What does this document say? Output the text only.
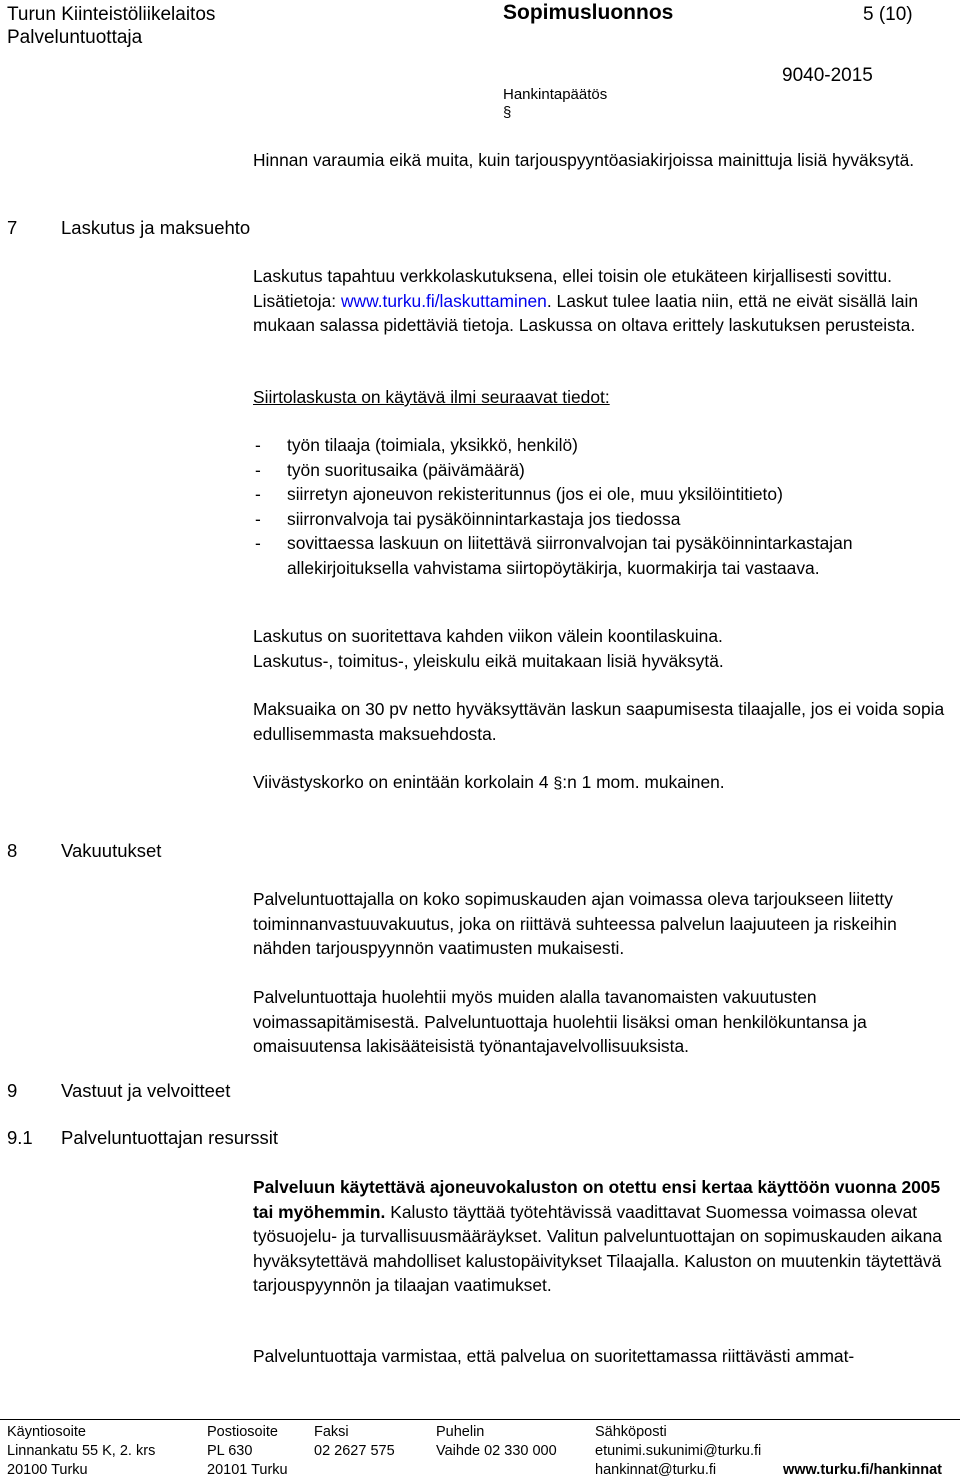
Turun Kiinteistöliikelaitos
Palveluntuottaja
Sopimusluonnos	5 (10)
9040-2015
Hankintapäätös
§

Hinnan varaumia eikä muita, kuin tarjouspyyntöasiakirjoissa mainittuja lisiä hyväksytä.

7 Laskutus ja maksuehto

Laskutus tapahtuu verkkolaskutuksena, ellei toisin ole etukäteen kirjallisesti sovittu. Lisätietoja: www.turku.fi/laskuttaminen. Laskut tulee laatia niin, että ne eivät sisällä lain mukaan salassa pidettäviä tietoja. Laskussa on oltava erittely laskutuksen perusteista.

Siirtolaskusta on käytävä ilmi seuraavat tiedot:

- työn tilaaja (toimiala, yksikkö, henkilö)
- työn suoritusaika (päivämäärä)
- siirretyn ajoneuvon rekisteritunnus (jos ei ole, muu yksilöintitieto)
- siirronvalvoja tai pysäköinnintarkastaja jos tiedossa
- sovittaessa laskuun on liitettävä siirronvalvojan tai pysäköinnintarkastajan allekirjoituksella vahvistama siirtopöytäkirja, kuormakirja tai vastaava.
Laskutus on suoritettava kahden viikon välein koontilaskuina.
Laskutus-, toimitus-, yleiskulu eikä muitakaan lisiä hyväksytä.

Maksuaika on 30 pv netto hyväksyttävän laskun saapumisesta tilaajalle, jos ei voida sopia edullisemmasta maksuehdosta.

Viivästyskorko on enintään korkolain 4 §:n 1 mom. mukainen.

8 Vakuutukset

Palveluntuottajalla on koko sopimuskauden ajan voimassa oleva tarjoukseen liitetty toiminnanvastuuvakuutus, joka on riittävä suhteessa palvelun laajuuteen ja riskeihin nähden tarjouspyynnön vaatimusten mukaisesti.

Palveluntuottaja huolehtii myös muiden alalla tavanomaisten vakuutusten voimassapitämisestä. Palveluntuottaja huolehtii lisäksi oman henkilökuntansa ja omaisuutensa lakisääteisistä työnantajavelvollisuuksista.

9 Vastuut ja velvoitteet
9.1 Palveluntuottajan resurssit

Palveluun käytettävä ajoneuvokaluston on otettu ensi kertaa käyttöön vuonna 2005 tai myöhemmin. Kalusto täyttää työtehtävissä vaadittavat Suomessa voimassa olevat työsuojelu- ja turvallisuusmääräykset. Valitun palveluntuottajan on sopimuskauden aikana hyväksytettävä mahdolliset kalustopäivitykset Tilaajalla. Kaluston on muutenkin täytettävä tarjouspyynnön ja tilaajan vaatimukset.

Palveluntuottaja varmistaa, että palvelua on suoritettamassa riittävästi ammat-

Käyntiosoite
Linnankatu 55 K, 2. krs
20100 Turku
Postiosoite
PL 630
20101 Turku
Faksi
02 2627 575
Puhelin
Vaihde 02 330 000
Sähköposti
etunimi.sukunimi@turku.fi
hankinnat@turku.fi	www.turku.fi/hankinnat
